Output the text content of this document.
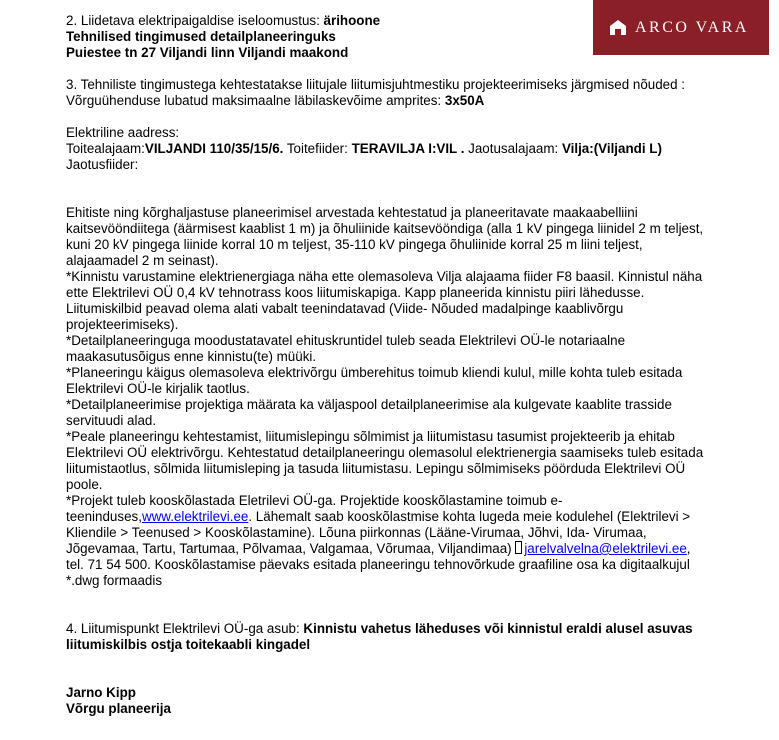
ARCO VARA
2. Liidetava elektripaigaldise iseloomustus: ärihoone
Tehnilised tingimused detailplaneeringuks
Puiestee tn 27 Viljandi linn Viljandi maakond
3. Tehniliste tingimustega kehtestatakse liitujale liitumisjuhtmestiku projekteerimiseks järgmised nõuded :
Võrguühenduse lubatud maksimaalne läbilaskevõime amprites: 3x50A
Elektriline aadress:
Toitealajaam:VILJANDI 110/35/15/6. Toitefiider: TERAVILJA I:VIL . Jaotusalajaam: Vilja:(Viljandi L)
Jaotusfiider:
Ehitiste ning kõrghaljastuse planeerimisel arvestada kehtestatud ja planeeritavate maakaabelliini
kaitsevööndiitega (äärmisest kaablist 1 m) ja õhuliinide kaitsevööndiga (alla 1 kV pingega liinidel 2 m teljest,
kuni 20 kV pingega liinide korral 10 m teljest, 35-110 kV pingega õhuliinide korral 25 m liini teljest,
alajaamadel 2 m seinast).
*Kinnistu varustamine elektrienergiaga näha ette olemasoleva Vilja alajaama fiider F8 baasil. Kinnistul näha
ette Elektrilevi OÜ 0,4 kV tehnotrass koos liitumiskapiga. Kapp planeerida kinnistu piiri lähedusse.
Liitumiskilbid peavad olema alati vabalt teenindatavad (Viide- Nõuded madalpinge kaablivõrgu
projekteerimiseks).
*Detailplaneeringuga moodustatavatel ehituskruntidel tuleb seada Elektrilevi OÜ-le notariaalne
maakasutusõigus enne kinnistu(te) müüki.
*Planeeringu käigus olemasoleva elektrivõrgu ümberehitus toimub kliendi kulul, mille kohta tuleb esitada
Elektrilevi OÜ-le kirjalik taotlus.
*Detailplaneerimise projektiga määrata ka väljaspool detailplaneerimise ala kulgevate kaablite trasside
servituudi alad.
*Peale planeeringu kehtestamist, liitumislepingu sõlmimist ja liitumistasu tasumist projekteerib ja ehitab
Elektrilevi OÜ elektrivõrgu. Kehtestatud detailplaneeringu olemasolul elektrienergia saamiseks tuleb esitada
liitumistaotlus, sõlmida liitumisleping ja tasuda liitumistasu. Lepingu sõlmimiseks pöörduda Elektrilevi OÜ
poole.
*Projekt tuleb kooskõlastada Eletrilevi OÜ-ga. Projektide kooskõlastamine toimub e-
teeninduses,www.elektrilevi.ee. Lähemalt saab kooskõlastmise kohta lugeda meie kodulehel (Elektrilevi >
Kliendile > Teenused > Kooskõlastamine). Lõuna piirkonnas (Lääne-Virumaa, Jõhvi, Ida- Virumaa,
Jõgevamaa, Tartu, Tartumaa, Põlvamaa, Valgamaa, Võrumaa, Viljandimaa) jarelvalvelna@elektrilevi.ee,
tel. 71 54 500. Kooskõlastamise päevaks esitada planeeringu tehnovõrkude graafiline osa ka digitaalkujul
*.dwg formaadis
4. Liitumispunkt Elektrilevi OÜ-ga asub: Kinnistu vahetus läheduses või kinnistul eraldi alusel asuvas
liitumiskilbis ostja toitekaabli kingadel
Jarno Kipp
Võrgu planeerija
